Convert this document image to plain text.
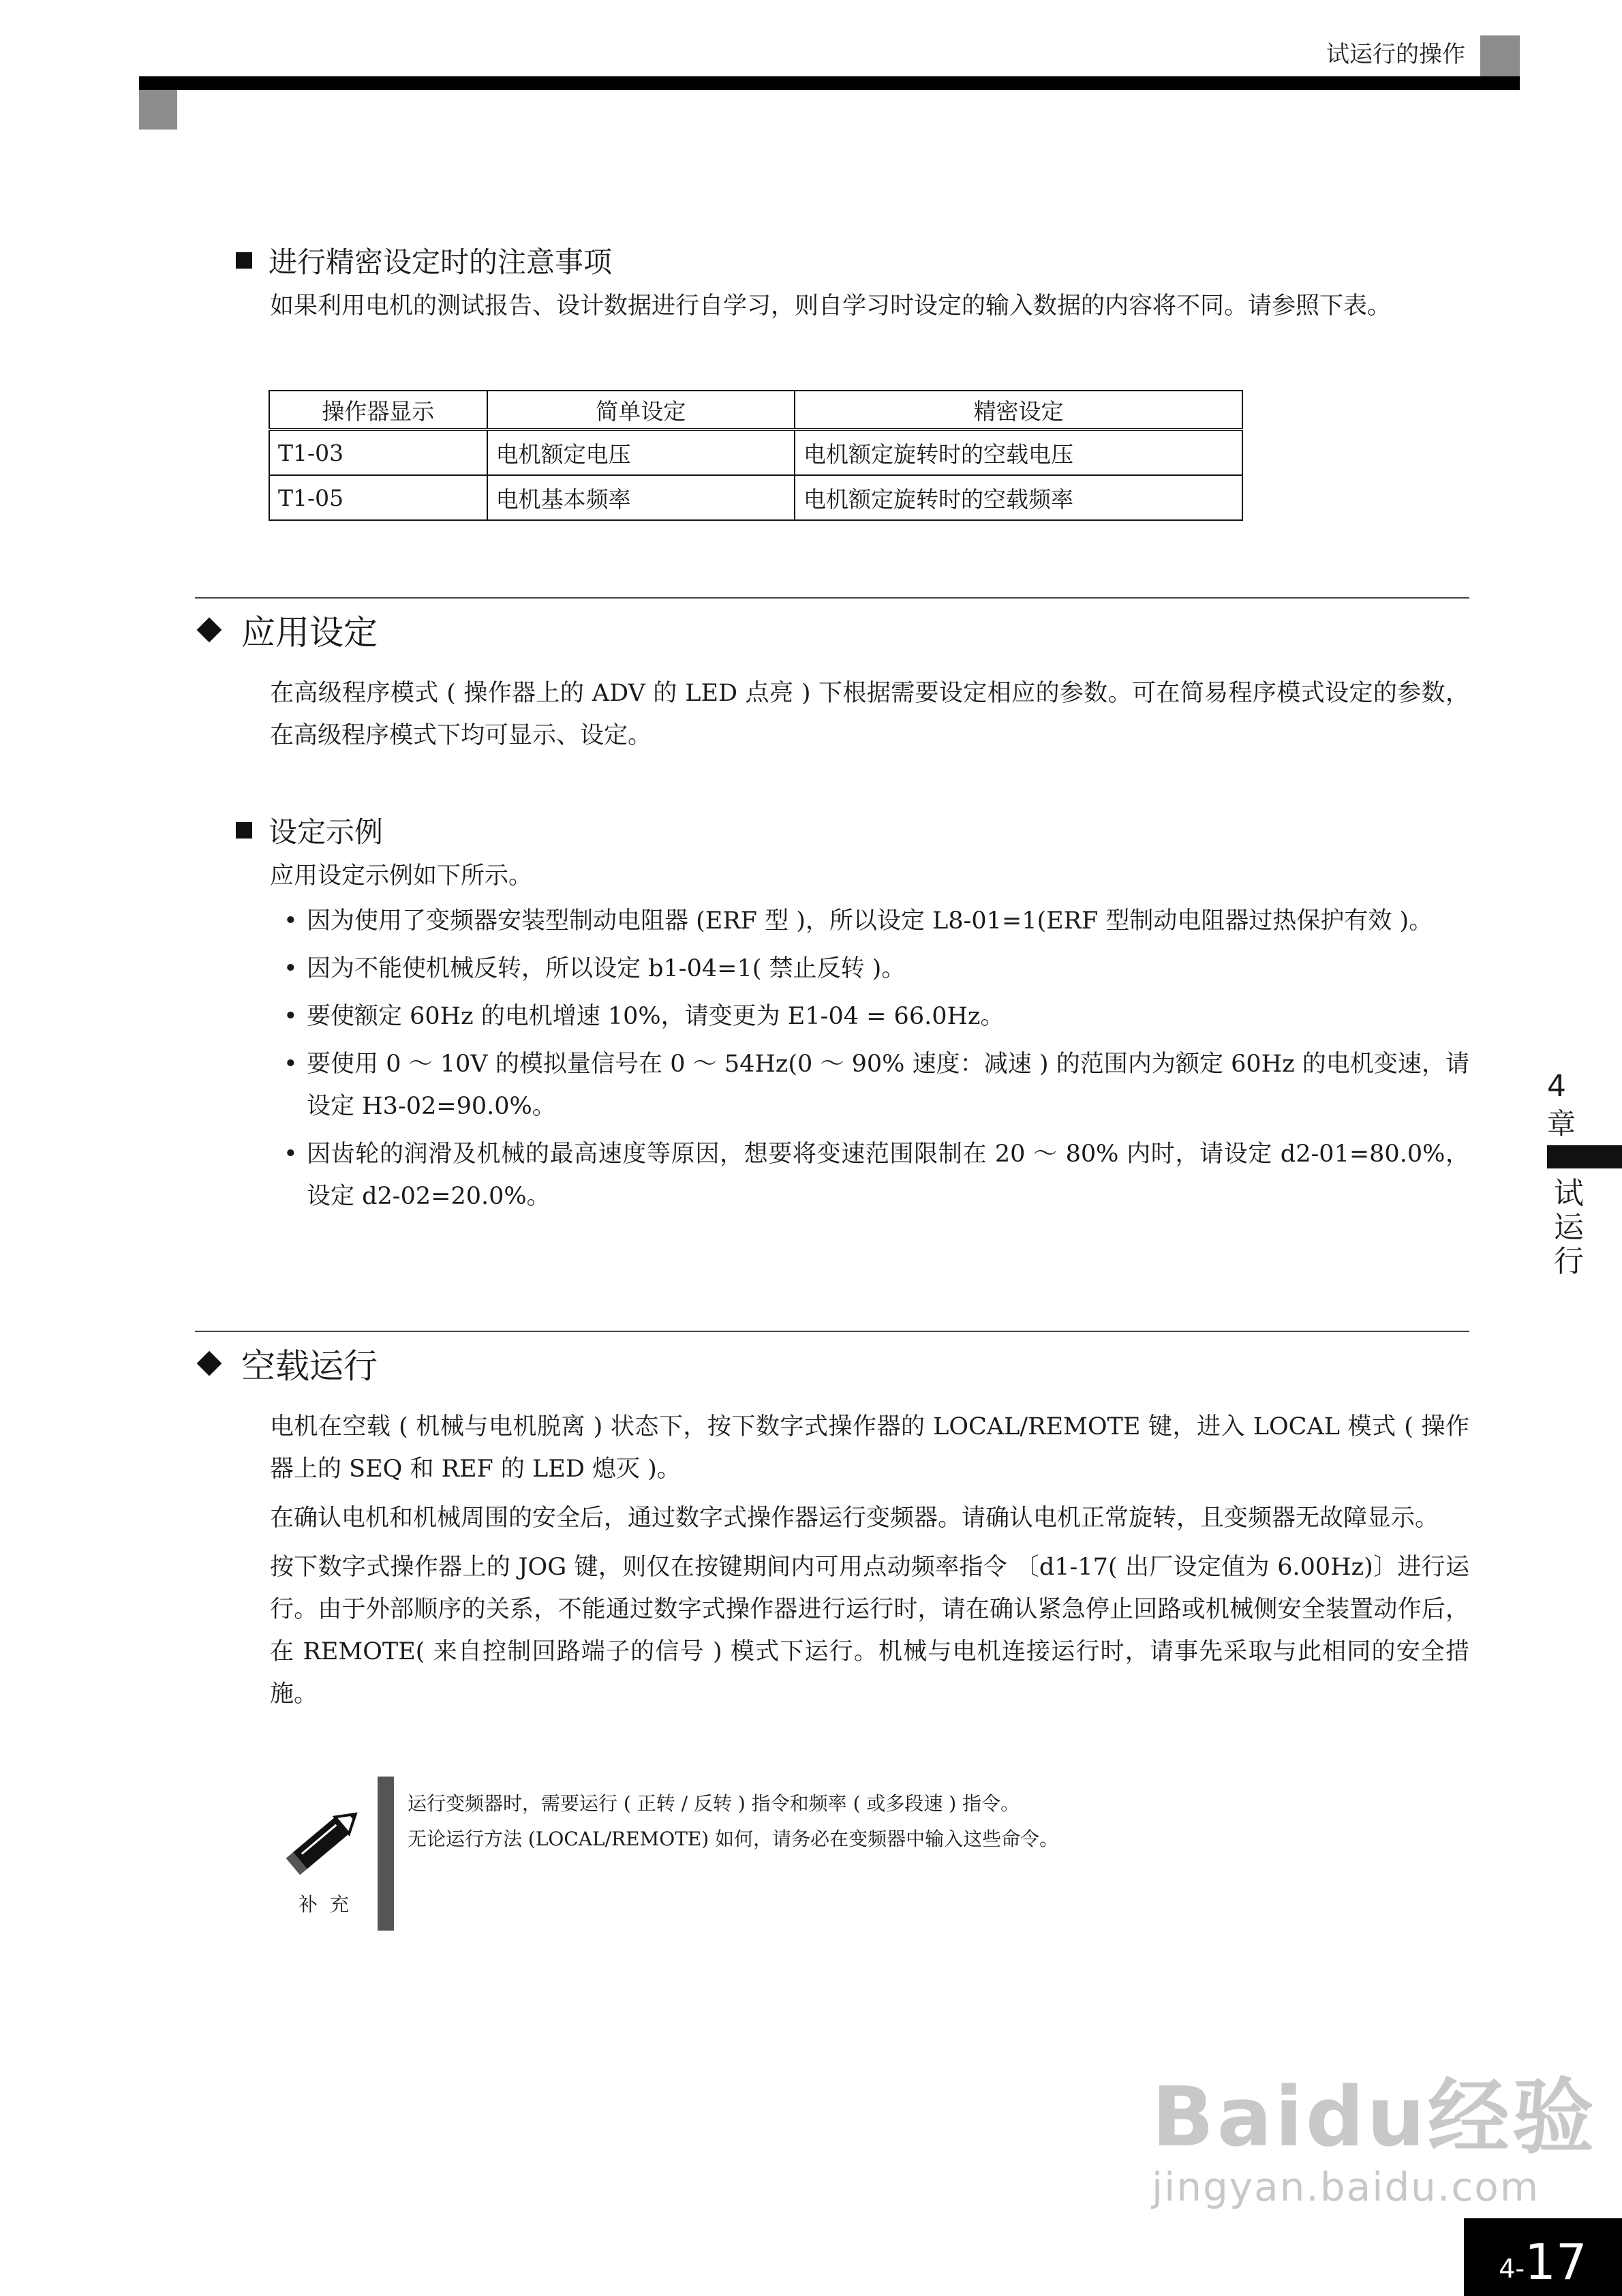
试运行的操作
进行精密设定时的注意事项

如果利用电机的测试报告、设计数据进行自学习，则自学习时设定的输入数据的内容将不同。请参照下表。

操作器显示	简单设定	精密设定
T1-03	电机额定电压	电机额定旋转时的空载电压
T1-05	电机基本频率	电机额定旋转时的空载频率
应用设定

在高级程序模式 ( 操作器上的 ADV 的 LED 点亮 ) 下根据需要设定相应的参数。可在简易程序模式设定的参数，在高级程序模式下均可显示、设定。

设定示例

应用设定示例如下所示。

• 因为使用了变频器安装型制动电阻器 (ERF 型 )，所以设定 L8-01=1(ERF 型制动电阻器过热保护有效 )。
• 因为不能使机械反转，所以设定 b1-04=1( 禁止反转 )。
• 要使额定 60Hz 的电机增速 10%，请变更为 E1-04 = 66.0Hz。
• 要使用 0 ～ 10V 的模拟量信号在 0 ～ 54Hz(0 ～ 90% 速度：减速 ) 的范围内为额定 60Hz 的电机变速，请设定 H3-02=90.0%。
• 因齿轮的润滑及机械的最高速度等原因，想要将变速范围限制在 20 ～ 80% 内时，请设定 d2-01=80.0%，设定 d2-02=20.0%。
空载运行

电机在空载 ( 机械与电机脱离 ) 状态下，按下数字式操作器的 LOCAL/REMOTE 键，进入 LOCAL 模式 ( 操作器上的 SEQ 和 REF 的 LED 熄灭 )。

在确认电机和机械周围的安全后，通过数字式操作器运行变频器。请确认电机正常旋转，且变频器无故障显示。

按下数字式操作器上的 JOG 键，则仅在按键期间内可用点动频率指令 〔d1-17( 出厂设定值为 6.00Hz)〕进行运行。由于外部顺序的关系，不能通过数字式操作器进行运行时，请在确认紧急停止回路或机械侧安全装置动作后，在 REMOTE( 来自控制回路端子的信号 ) 模式下运行。机械与电机连接运行时，请事先采取与此相同的安全措施。

补充
运行变频器时，需要运行 ( 正转 / 反转 ) 指令和频率 ( 或多段速 ) 指令。
无论运行方法 (LOCAL/REMOTE) 如何，请务必在变频器中输入这些命令。
4
章
试运行
Baidu经验
jingyan.baidu.com
4- 17
